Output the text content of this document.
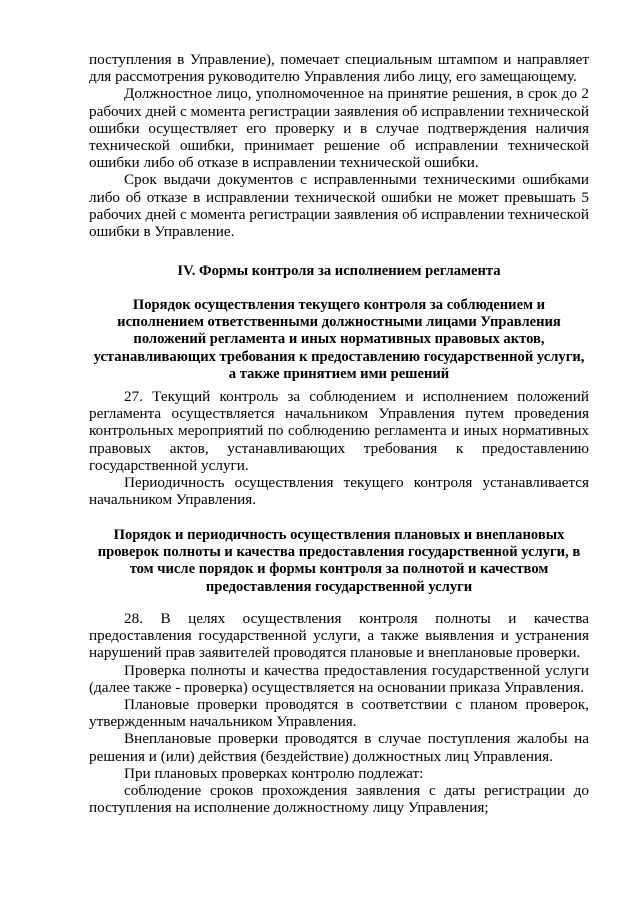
поступления в Управление), помечает специальным штампом и направляет для рассмотрения руководителю Управления либо лицу, его замещающему.

Должностное лицо, уполномоченное на принятие решения, в срок до 2 рабочих дней с момента регистрации заявления об исправлении технической ошибки осуществляет его проверку и в случае подтверждения наличия технической ошибки, принимает решение об исправлении технической ошибки либо об отказе в исправлении технической ошибки.

Срок выдачи документов с исправленными техническими ошибками либо об отказе в исправлении технической ошибки не может превышать 5 рабочих дней с момента регистрации заявления об исправлении технической ошибки в Управление.

IV. Формы контроля за исполнением регламента
Порядок осуществления текущего контроля за соблюдением и исполнением ответственными должностными лицами Управления положений регламента и иных нормативных правовых актов, устанавливающих требования к предоставлению государственной услуги, а также принятием ими решений

27. Текущий контроль за соблюдением и исполнением положений регламента осуществляется начальником Управления путем проведения контрольных мероприятий по соблюдению регламента и иных нормативных правовых актов, устанавливающих требования к предоставлению государственной услуги.

Периодичность осуществления текущего контроля устанавливается начальником Управления.

Порядок и периодичность осуществления плановых и внеплановых проверок полноты и качества предоставления государственной услуги, в том числе порядок и формы контроля за полнотой и качеством предоставления государственной услуги

28. В целях осуществления контроля полноты и качества предоставления государственной услуги, а также выявления и устранения нарушений прав заявителей проводятся плановые и внеплановые проверки.

Проверка полноты и качества предоставления государственной услуги (далее также - проверка) осуществляется на основании приказа Управления.

Плановые проверки проводятся в соответствии с планом проверок, утвержденным начальником Управления.

Внеплановые проверки проводятся в случае поступления жалобы на решения и (или) действия (бездействие) должностных лиц Управления.

При плановых проверках контролю подлежат:

соблюдение сроков прохождения заявления с даты регистрации до поступления на исполнение должностному лицу Управления;
